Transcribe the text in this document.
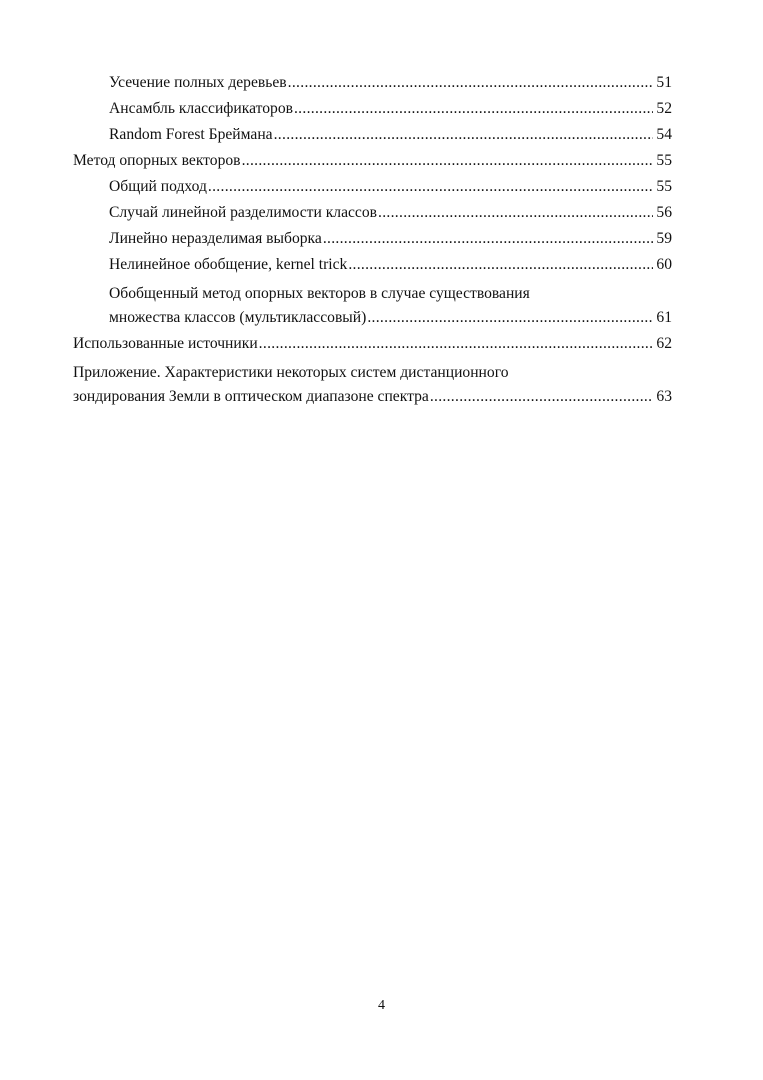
Усечение полных деревьев .....	51
Ансамбль классификаторов .....	52
Random Forest Бреймана .....	54
Метод опорных векторов .....	55
Общий подход .....	55
Случай линейной разделимости классов .....	56
Линейно неразделимая выборка .....	59
Нелинейное обобщение, kernel trick .....	60
Обобщенный метод опорных векторов в случае существования
множества классов (мультиклассовый) .....	61
Использованные источники .....	62
Приложение. Характеристики некоторых систем дистанционного
зондирования Земли в оптическом диапазоне спектра .....	63
4
